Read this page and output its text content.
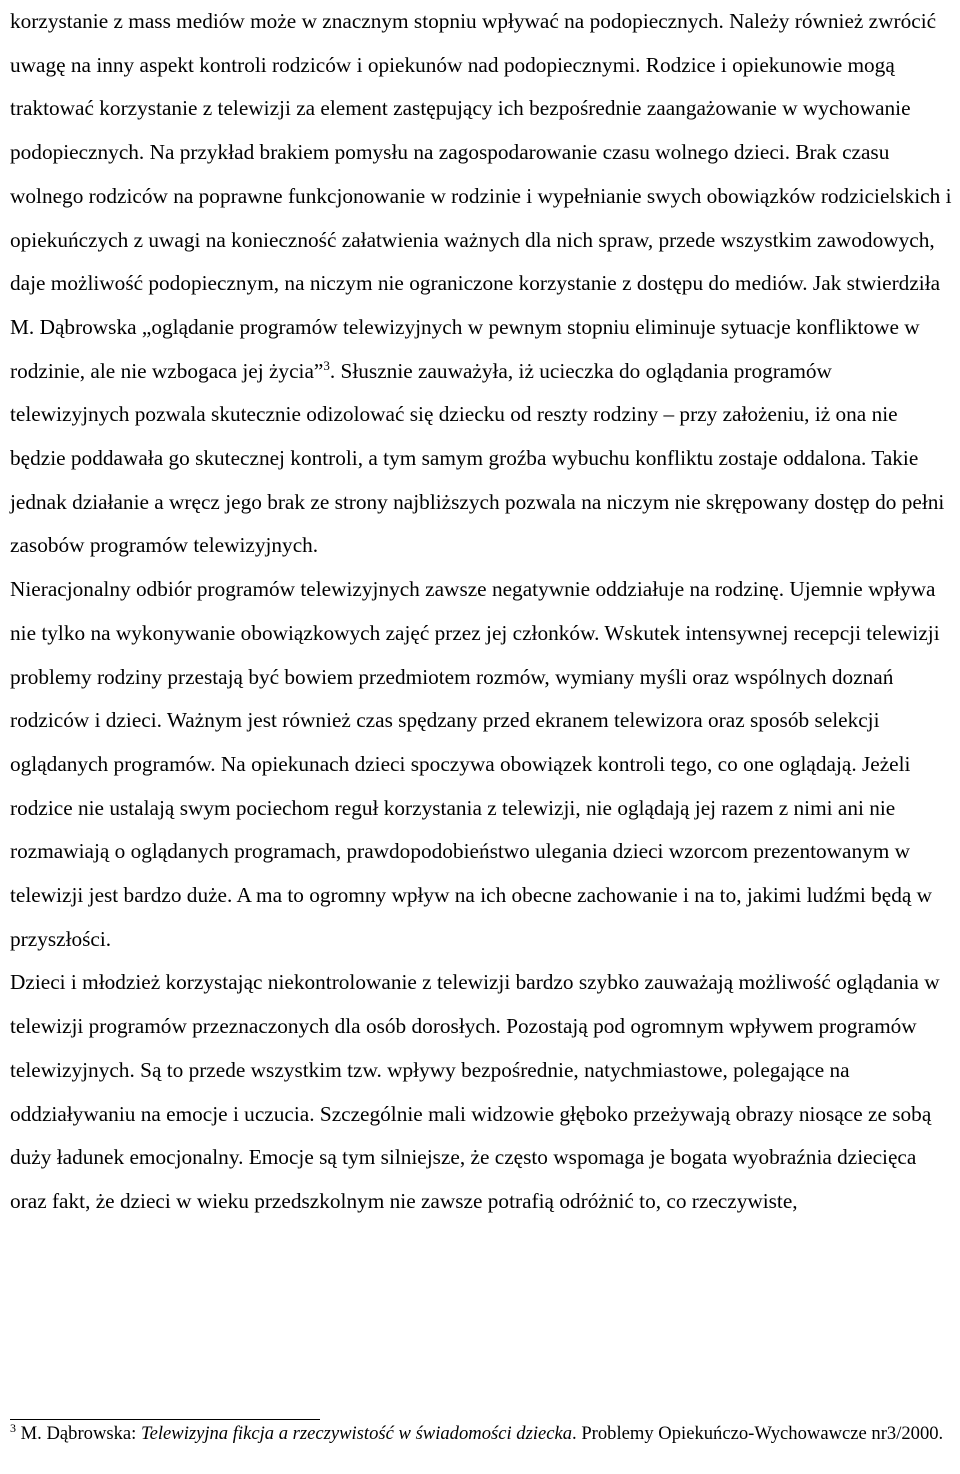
korzystanie z mass mediów może w znacznym stopniu wpływać na podopiecznych. Należy również zwrócić uwagę na inny aspekt kontroli rodziców i opiekunów nad podopiecznymi. Rodzice i opiekunowie mogą traktować korzystanie z telewizji za element zastępujący ich bezpośrednie zaangażowanie w wychowanie podopiecznych. Na przykład brakiem pomysłu na zagospodarowanie czasu wolnego dzieci. Brak czasu wolnego rodziców na poprawne funkcjonowanie w rodzinie i wypełnianie swych obowiązków rodzicielskich i opiekuńczych z uwagi na konieczność załatwienia ważnych dla nich spraw, przede wszystkim zawodowych, daje możliwość podopiecznym, na niczym nie ograniczone korzystanie z dostępu do mediów. Jak stwierdziła M. Dąbrowska „oglądanie programów telewizyjnych w pewnym stopniu eliminuje sytuacje konfliktowe w rodzinie, ale nie wzbogaca jej życia”$^3$. Słusznie zauważyła, iż ucieczka do oglądania programów telewizyjnych pozwala skutecznie odizolować się dziecku od reszty rodziny – przy założeniu, iż ona nie będzie poddawała go skutecznej kontroli, a tym samym groźba wybuchu konfliktu zostaje oddalona. Takie jednak działanie a wręcz jego brak ze strony najbliższych pozwala na niczym nie skrępowany dostęp do pełni zasobów programów telewizyjnych.

Nieracjonalny odbiór programów telewizyjnych zawsze negatywnie oddziałuje na rodzinę. Ujemnie wpływa nie tylko na wykonywanie obowiązkowych zajęć przez jej członków. Wskutek intensywnej recepcji telewizji problemy rodziny przestają być bowiem przedmiotem rozmów, wymiany myśli oraz wspólnych doznań rodziców i dzieci. Ważnym jest również czas spędzany przed ekranem telewizora oraz sposób selekcji oglądanych programów. Na opiekunach dzieci spoczywa obowiązek kontroli tego, co one oglądają. Jeżeli rodzice nie ustalają swym pociechom reguł korzystania z telewizji, nie oglądają jej razem z nimi ani nie rozmawiają o oglądanych programach, prawdopodobieństwo ulegania dzieci wzorcom prezentowanym w telewizji jest bardzo duże. A ma to ogromny wpływ na ich obecne zachowanie i na to, jakimi ludźmi będą w przyszłości.

Dzieci i młodzież korzystając niekontrolowanie z telewizji bardzo szybko zauważają możliwość oglądania w telewizji programów przeznaczonych dla osób dorosłych. Pozostają pod ogromnym wpływem programów telewizyjnych. Są to przede wszystkim tzw. wpływy bezpośrednie, natychmiastowe, polegające na oddziaływaniu na emocje i uczucia. Szczególnie mali widzowie głęboko przeżywają obrazy niosące ze sobą duży ładunek emocjonalny. Emocje są tym silniejsze, że często wspomaga je bogata wyobraźnia dziecięca oraz fakt, że dzieci w wieku przedszkolnym nie zawsze potrafią odróżnić to, co rzeczywiste,

$^3$ M. Dąbrowska: Telewizyjna fikcja a rzeczywistość w świadomości dziecka. Problemy Opiekuńczo-Wychowawcze nr3/2000.
